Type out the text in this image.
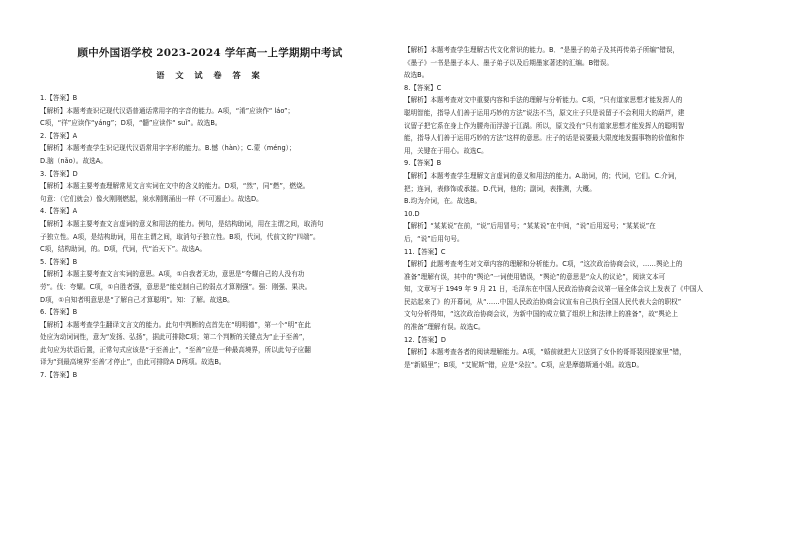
顾中外国语学校 2023-2024 学年高一上学期期中考试
语 文 试 卷 答 案

1.【答案】B

【解析】本题考查识记现代汉语普通话常用字的字音的能力。A项，“淆”应读作“ láo”；

C项，“徉”应读作“yáng”；D项，“髓”应读作“ suǐ”。故选B。

2.【答案】A

【解析】本题考查学生识记现代汉语常用字字形的能力。B.憾（hàn）；C.蒙（méng）；

D.脑（nǎo）。故选A。

3.【答案】D

【解析】本题主要考查理解常见文言实词在文中的含义的能力。D项，“然”，同“燃”，燃烧。

句意：（它们就会）像火刚刚燃起，泉水刚刚涌出一样（不可遏止）。故选D。

4.【答案】A

【解析】本题主要考查文言虚词的意义和用法的能力。例句，是结构助词，用在主谓之间，取消句

子独立性。A项，是结构助词，用在主谓之间，取消句子独立性。B项，代词，代前文的“四端”。

C项，结构助词，的。D项，代词，代“治天下”。故选A。

5.【答案】B

【解析】本题主要考查文言实词的意思。A项，①自我者无功，意思是“夸耀自己的人没有功

劳”。伐：夸耀。C项，①自胜者强，意思是“能克制自己的弱点才算刚强”。强：刚强、果决。

D项，①自知者明意思是“了解自己才算聪明”。知：了解。故选B。

6.【答案】B

【解析】本题考查学生翻译文言文的能力。此句中判断的点首先在“明明德”，第一个“明”在此

处应为动词词性，意为“发扬、弘扬”，据此可排除C项；第二个判断的关键点为“止于至善”，

此句应为状语后置，正常句式应该是“于至善止”，“至善”应是一种最高境界，所以此句子应翻

译为“到最高境界‘至善’才停止”，由此可排除A D两项。故选B。

7.【答案】B

【解析】本题考查学生理解古代文化常识的能力。B．“是墨子的弟子及其再传弟子所编”错误，

《墨子》一书是墨子本人、墨子弟子以及后期墨家著述的汇编。B错误。

故选B。

8.【答案】C

【解析】本题考查对文中重要内容和手法的理解与分析能力。C项，“只有道家思想才能发挥人的

聪明智能，指导人们善于运用巧妙的方法”说法不当，原文庄子只是说留子不会利用大的葫芦，建

议留子把它系在身上作为腰舟而浮游于江湖。所以，原文没有“只有道家思想才能发挥人的聪明智

能，指导人们善于运用巧妙的方法”这样的意思。庄子的话是说要最大限度地发掘事物的价值和作

用，关键在于用心。故选C。

9.【答案】B

【解析】本题考查学生理解文言虚词的意义和用法的能力。A.助词，的；代词，它们。C.介词，

把；连词，表修饰或承接。D.代词，他的；副词，表推测，大概。

B.均为介词，在。故选B。

10.D

【解析】“某某说”在前，“说”后用冒号；“某某说”在中间，“说”后用逗号；“某某说”在

后，“说”后用句号。

11.【答案】C

【解析】此题考查考生对文章内容的理解和分析能力。C项，“这次政治协商会议，……舆论上的

准备”理解有误，其中的“舆论”一词使用错误，“舆论”的意思是“众人的议论”，阅读文本可

知，文章写于 1949 年 9 月 21 日，毛泽东在中国人民政治协商会议第一届全体会议上发表了《中国人

民站起来了》的开幕词，从“……中国人民政治协商会议宣布自己执行全国人民代表大会的职权”

文句分析得知，“这次政治协商会议，为新中国的成立做了组织上和法律上的准备”，故“舆论上

的准备”理解有误。故选C。

12.【答案】D

【解析】本题考查各者的阅读理解能力。A项，“婚前就把大卫送到了女仆的哥哥裴因提家里”错，

是“新婚里”；B项，“艾妮斯”错，应是“朵拉”。C项，应是摩德斯通小姐。故选D。
